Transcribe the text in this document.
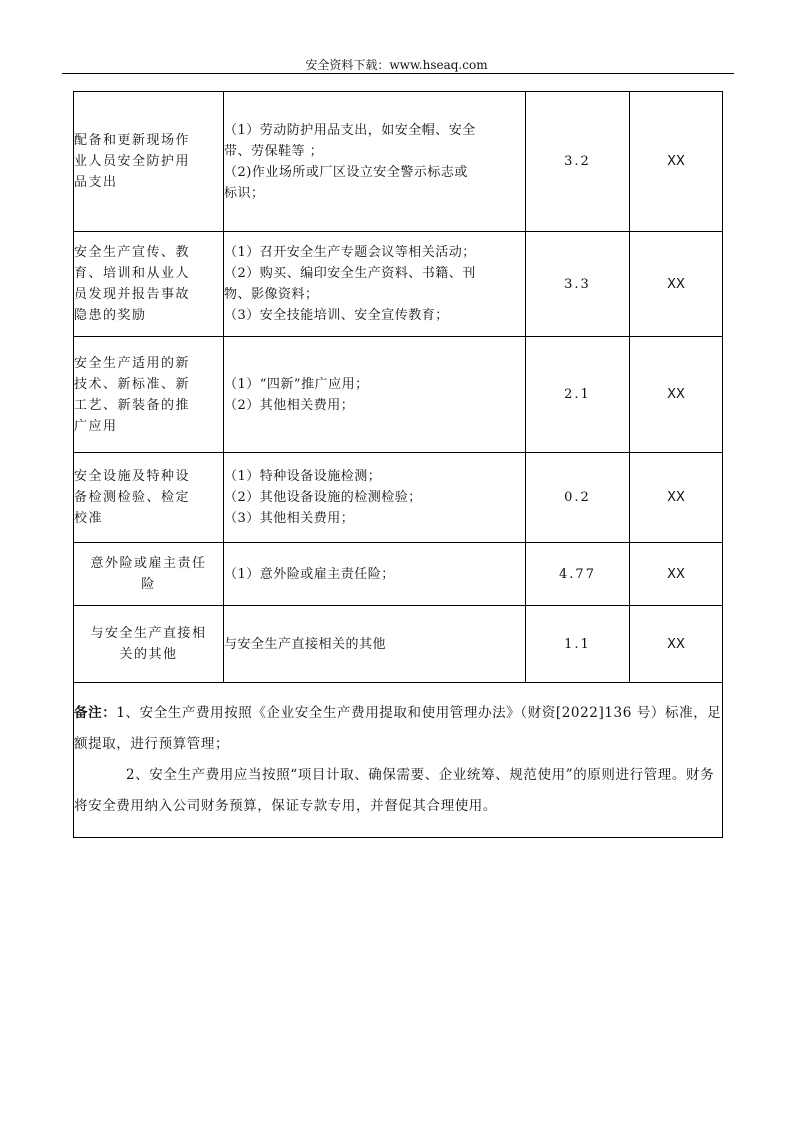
安全资料下载：www.hseaq.com
配备和更新现场作
业人员安全防护用
品支出	（1）劳动防护用品支出，如安全帽、安全
带、劳保鞋等 ；
（2)作业场所或厂区设立安全警示标志或
标识；	3.2	XX

安全生产宣传、教
育、培训和从业人
员发现并报告事故
隐患的奖励	（1）召开安全生产专题会议等相关活动；
（2）购买、编印安全生产资料、书籍、刊
物、影像资料；
（3）安全技能培训、安全宣传教育；	3.3	XX

安全生产适用的新
技术、新标准、新
工艺、新装备的推
广应用	（1）“四新”推广应用；
（2）其他相关费用；	2.1	XX

安全设施及特种设
备检测检验、检定
校准	（1）特种设备设施检测；
（2）其他设备设施的检测检验；
（3）其他相关费用；	0.2	XX

意外险或雇主责任
险	（1）意外险或雇主责任险；	4.77	XX

与安全生产直接相
关的其他	与安全生产直接相关的其他	1.1	XX
备注：1、安全生产费用按照《企业安全生产费用提取和使用管理办法》（财资[2022]136 号）标准，足额提取，进行预算管理；
2、安全生产费用应当按照“项目计取、确保需要、企业统筹、规范使用”的原则进行管理。财务将安全费用纳入公司财务预算，保证专款专用，并督促其合理使用。			
